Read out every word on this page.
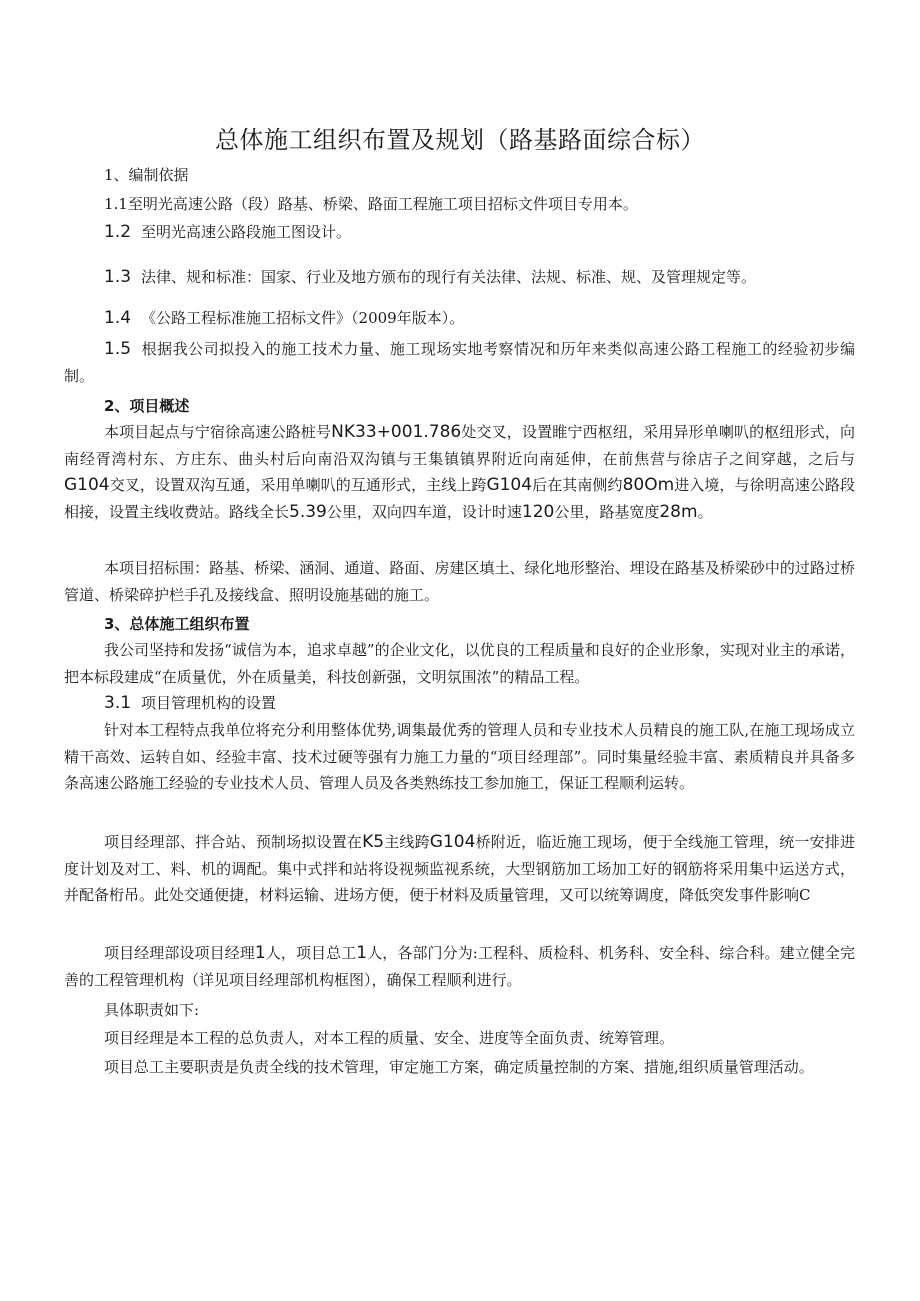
总体施工组织布置及规划（路基路面综合标）
1、编制依据
1.1至明光高速公路（段）路基、桥梁、路面工程施工项目招标文件项目专用本。
1.2 至明光高速公路段施工图设计。
1.3 法律、规和标准：国家、行业及地方颁布的现行有关法律、法规、标准、规、及管理规定等。
1.4 《公路工程标准施工招标文件》（2009年版本）。
1.5 根据我公司拟投入的施工技术力量、施工现场实地考察情况和历年来类似高速公路工程施工的经验初步编制。
2、项目概述
本项目起点与宁宿徐高速公路桩号NK33+001.786处交叉，设置睢宁西枢纽，采用异形单喇叭的枢纽形式，向南经胥湾村东、方庄东、曲头村后向南沿双沟镇与王集镇镇界附近向南延伸，在前焦营与徐店子之间穿越，之后与G104交叉，设置双沟互通，采用单喇叭的互通形式，主线上跨G104后在其南侧约80Om进入境，与徐明高速公路段相接，设置主线收费站。路线全长5.39公里，双向四车道，设计时速120公里，路基宽度28m。
本项目招标围：路基、桥梁、涵洞、通道、路面、房建区填土、绿化地形整治、埋设在路基及桥梁砂中的过路过桥管道、桥梁碎护栏手孔及接线盒、照明设施基础的施工。
3、总体施工组织布置
我公司坚持和发扬“诚信为本，追求卓越”的企业文化，以优良的工程质量和良好的企业形象，实现对业主的承诺，把本标段建成“在质量优，外在质量美，科技创新强，文明氛围浓”的精品工程。
3.1 项目管理机构的设置
针对本工程特点我单位将充分利用整体优势,调集最优秀的管理人员和专业技术人员精良的施工队,在施工现场成立精干高效、运转自如、经验丰富、技术过硬等强有力施工力量的“项目经理部”。同时集量经验丰富、素质精良并具备多条高速公路施工经验的专业技术人员、管理人员及各类熟练技工参加施工，保证工程顺利运转。
项目经理部、拌合站、预制场拟设置在K5主线跨G104桥附近，临近施工现场，便于全线施工管理，统一安排进度计划及对工、料、机的调配。集中式拌和站将设视频监视系统，大型钢筋加工场加工好的钢筋将采用集中运送方式，并配备桁吊。此处交通便捷，材料运输、进场方便，便于材料及质量管理，又可以统筹调度，降低突发事件影响C
项目经理部设项目经理1人，项目总工1人，各部门分为:工程科、质检科、机务科、安全科、综合科。建立健全完善的工程管理机构（详见项目经理部机构框图），确保工程顺利进行。
具体职责如下:
项目经理是本工程的总负责人，对本工程的质量、安全、进度等全面负责、统筹管理。
项目总工主要职责是负责全线的技术管理，审定施工方案，确定质量控制的方案、措施,组织质量管理活动。
